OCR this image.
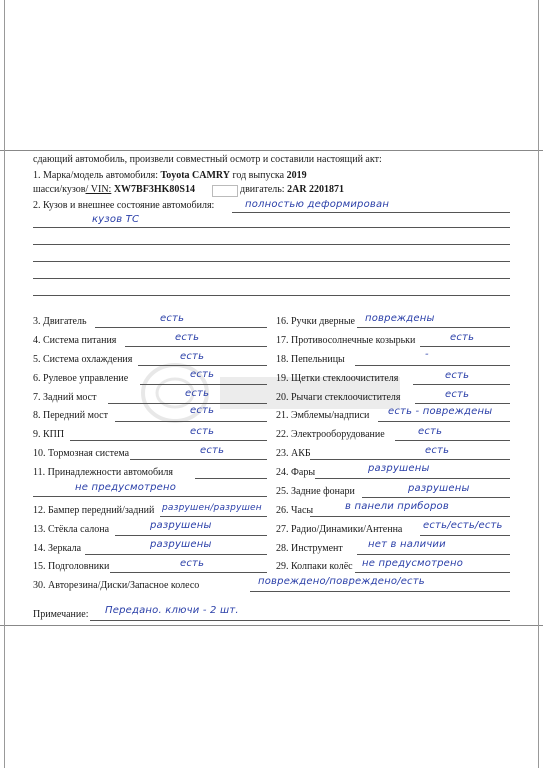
сдающий автомобиль, произвели совместный осмотр и составили настоящий акт:
1. Марка/модель автомобиля: Toyota CAMRY год выпуска 2019
шасси/кузов/ VIN: XW7BF3HK80S14	двигатель: 2AR 2201871
2. Кузов и внешнее состояние автомобиля:	полностью деформирован
кузов ТС
3. Двигатель	есть
4. Система питания	есть
5. Система охлаждения	есть
6. Рулевое управление	есть
7. Задний мост	есть
8. Передний мост	есть
9. КПП	есть
10. Тормозная система	есть
11. Принадлежности автомобиля
не предусмотрено
12. Бампер передний/задний разрушен/разрушен
13. Стёкла салона	разрушены
14. Зеркала	разрушены
15. Подголовники	есть
16. Ручки дверные повреждены
17. Противосолнечные козырьки	есть
18. Пепельницы	-
19. Щетки стеклоочистителя	есть
20. Рычаги стеклоочистителя	есть
21. Эмблемы/надписи есть - повреждены
22. Электрооборудование	есть
23. АКБ	есть
24. Фары	разрушены
25. Задние фонари	разрушены
26. Часы	в панели приборов
27. Радио/Динамики/Антенна есть/есть/есть
28. Инструмент	нет в наличии
29. Колпаки колёс не предусмотрено
30. Авторезина/Диски/Запасное колесо	повреждено/повреждено/есть
Примечание: Передано. ключи - 2 шт.
